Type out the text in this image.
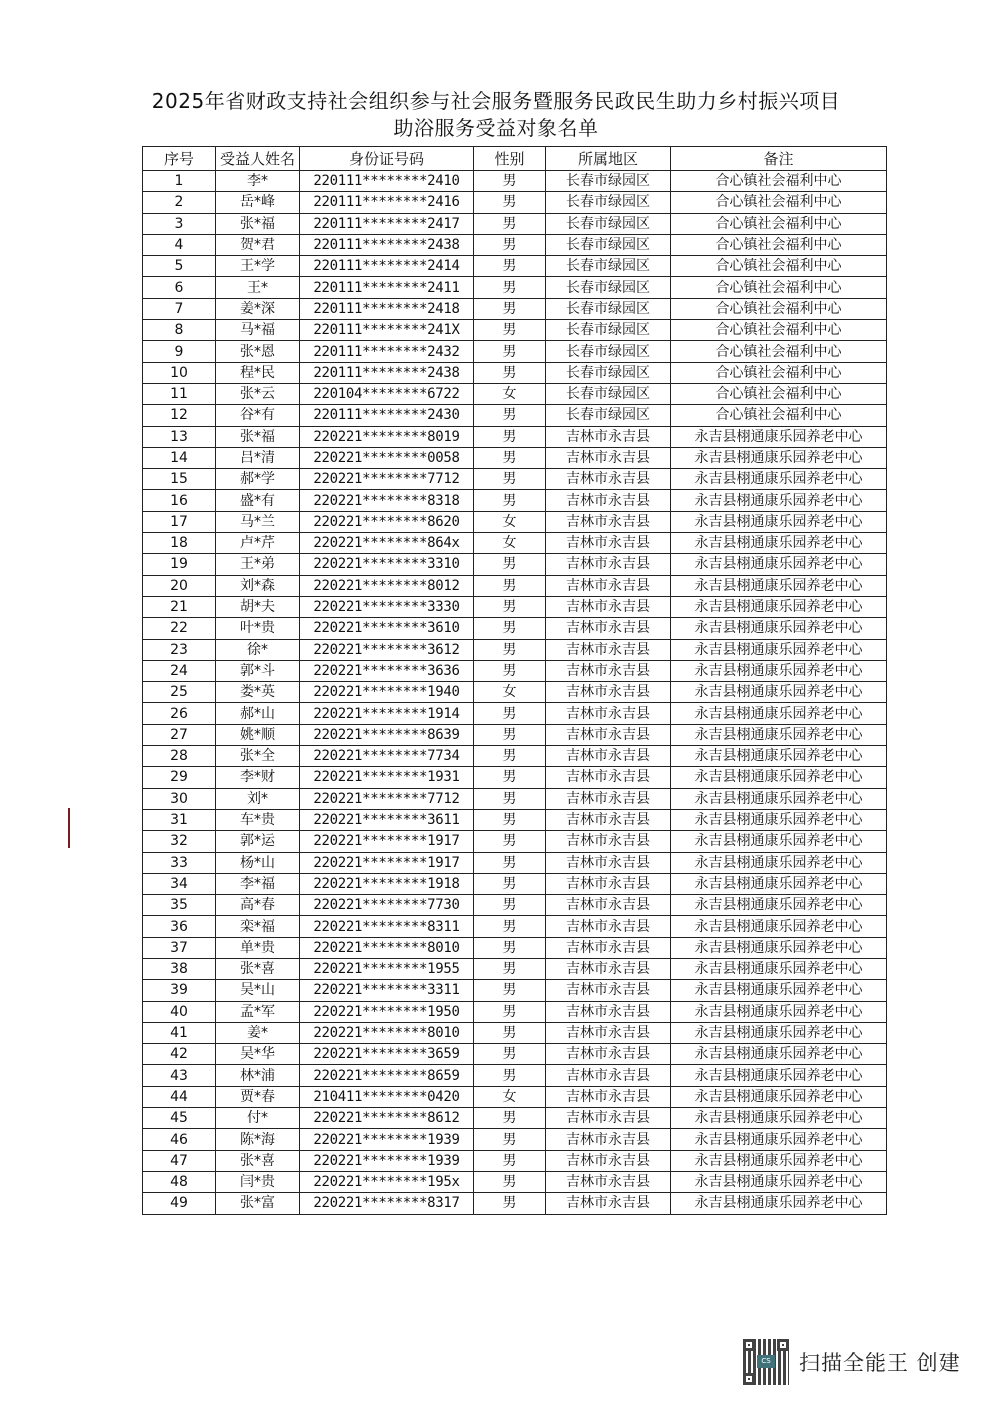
2025年省财政支持社会组织参与社会服务暨服务民政民生助力乡村振兴项目
助浴服务受益对象名单
序号	受益人姓名	身份证号码	性别	所属地区	备注
1	李*	220111********2410	男	长春市绿园区	合心镇社会福利中心
2	岳*峰	220111********2416	男	长春市绿园区	合心镇社会福利中心
3	张*福	220111********2417	男	长春市绿园区	合心镇社会福利中心
4	贺*君	220111********2438	男	长春市绿园区	合心镇社会福利中心
5	王*学	220111********2414	男	长春市绿园区	合心镇社会福利中心
6	王*	220111********2411	男	长春市绿园区	合心镇社会福利中心
7	姜*深	220111********2418	男	长春市绿园区	合心镇社会福利中心
8	马*福	220111********241X	男	长春市绿园区	合心镇社会福利中心
9	张*恩	220111********2432	男	长春市绿园区	合心镇社会福利中心
10	程*民	220111********2438	男	长春市绿园区	合心镇社会福利中心
11	张*云	220104********6722	女	长春市绿园区	合心镇社会福利中心
12	谷*有	220111********2430	男	长春市绿园区	合心镇社会福利中心
13	张*福	220221********8019	男	吉林市永吉县	永吉县栩通康乐园养老中心
14	吕*清	220221********0058	男	吉林市永吉县	永吉县栩通康乐园养老中心
15	郝*学	220221********7712	男	吉林市永吉县	永吉县栩通康乐园养老中心
16	盛*有	220221********8318	男	吉林市永吉县	永吉县栩通康乐园养老中心
17	马*兰	220221********8620	女	吉林市永吉县	永吉县栩通康乐园养老中心
18	卢*芹	220221********864x	女	吉林市永吉县	永吉县栩通康乐园养老中心
19	王*弟	220221********3310	男	吉林市永吉县	永吉县栩通康乐园养老中心
20	刘*森	220221********8012	男	吉林市永吉县	永吉县栩通康乐园养老中心
21	胡*夫	220221********3330	男	吉林市永吉县	永吉县栩通康乐园养老中心
22	叶*贵	220221********3610	男	吉林市永吉县	永吉县栩通康乐园养老中心
23	徐*	220221********3612	男	吉林市永吉县	永吉县栩通康乐园养老中心
24	郭*斗	220221********3636	男	吉林市永吉县	永吉县栩通康乐园养老中心
25	娄*英	220221********1940	女	吉林市永吉县	永吉县栩通康乐园养老中心
26	郝*山	220221********1914	男	吉林市永吉县	永吉县栩通康乐园养老中心
27	姚*顺	220221********8639	男	吉林市永吉县	永吉县栩通康乐园养老中心
28	张*全	220221********7734	男	吉林市永吉县	永吉县栩通康乐园养老中心
29	李*财	220221********1931	男	吉林市永吉县	永吉县栩通康乐园养老中心
30	刘*	220221********7712	男	吉林市永吉县	永吉县栩通康乐园养老中心
31	车*贵	220221********3611	男	吉林市永吉县	永吉县栩通康乐园养老中心
32	郭*运	220221********1917	男	吉林市永吉县	永吉县栩通康乐园养老中心
33	杨*山	220221********1917	男	吉林市永吉县	永吉县栩通康乐园养老中心
34	李*福	220221********1918	男	吉林市永吉县	永吉县栩通康乐园养老中心
35	高*春	220221********7730	男	吉林市永吉县	永吉县栩通康乐园养老中心
36	栾*福	220221********8311	男	吉林市永吉县	永吉县栩通康乐园养老中心
37	单*贵	220221********8010	男	吉林市永吉县	永吉县栩通康乐园养老中心
38	张*喜	220221********1955	男	吉林市永吉县	永吉县栩通康乐园养老中心
39	吴*山	220221********3311	男	吉林市永吉县	永吉县栩通康乐园养老中心
40	孟*军	220221********1950	男	吉林市永吉县	永吉县栩通康乐园养老中心
41	姜*	220221********8010	男	吉林市永吉县	永吉县栩通康乐园养老中心
42	吴*华	220221********3659	男	吉林市永吉县	永吉县栩通康乐园养老中心
43	林*浦	220221********8659	男	吉林市永吉县	永吉县栩通康乐园养老中心
44	贾*春	210411********0420	女	吉林市永吉县	永吉县栩通康乐园养老中心
45	付*	220221********8612	男	吉林市永吉县	永吉县栩通康乐园养老中心
46	陈*海	220221********1939	男	吉林市永吉县	永吉县栩通康乐园养老中心
47	张*喜	220221********1939	男	吉林市永吉县	永吉县栩通康乐园养老中心
48	闫*贵	220221********195x	男	吉林市永吉县	永吉县栩通康乐园养老中心
49	张*富	220221********8317	男	吉林市永吉县	永吉县栩通康乐园养老中心
CS 扫描全能王 创建
